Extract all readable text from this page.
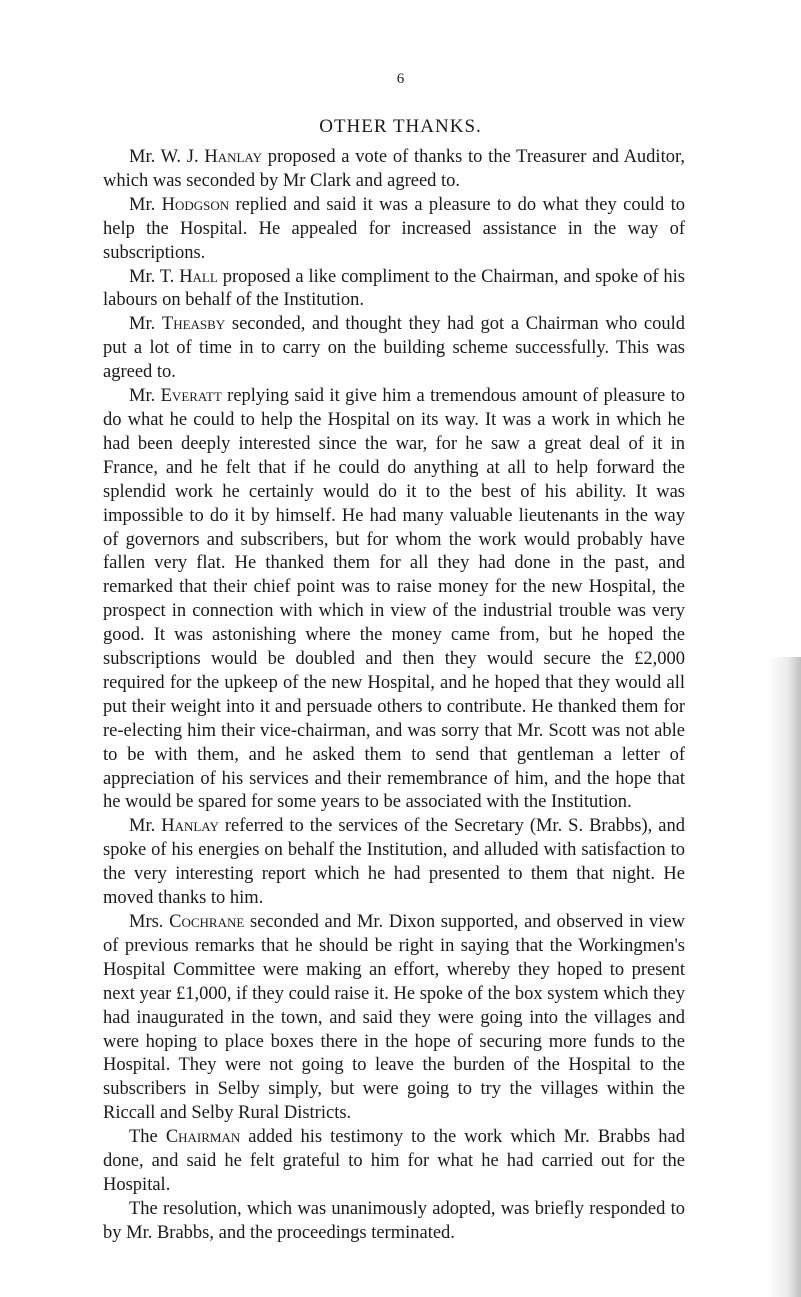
6
OTHER THANKS.

Mr. W. J. Hanlay proposed a vote of thanks to the Treasurer and Auditor, which was seconded by Mr Clark and agreed to.

Mr. Hodgson replied and said it was a pleasure to do what they could to help the Hospital. He appealed for increased assistance in the way of subscriptions.

Mr. T. Hall proposed a like compliment to the Chairman, and spoke of his labours on behalf of the Institution.

Mr. Theasby seconded, and thought they had got a Chairman who could put a lot of time in to carry on the building scheme successfully. This was agreed to.

Mr. Everatt replying said it give him a tremendous amount of pleasure to do what he could to help the Hospital on its way. It was a work in which he had been deeply interested since the war, for he saw a great deal of it in France, and he felt that if he could do anything at all to help forward the splendid work he certainly would do it to the best of his ability. It was impossible to do it by himself. He had many valuable lieutenants in the way of governors and subscribers, but for whom the work would probably have fallen very flat. He thanked them for all they had done in the past, and remarked that their chief point was to raise money for the new Hospital, the prospect in connection with which in view of the industrial trouble was very good. It was astonishing where the money came from, but he hoped the subscriptions would be doubled and then they would secure the £2,000 required for the upkeep of the new Hospital, and he hoped that they would all put their weight into it and persuade others to contribute. He thanked them for re-electing him their vice-chairman, and was sorry that Mr. Scott was not able to be with them, and he asked them to send that gentleman a letter of appreciation of his services and their remembrance of him, and the hope that he would be spared for some years to be associated with the Institution.

Mr. Hanlay referred to the services of the Secretary (Mr. S. Brabbs), and spoke of his energies on behalf the Institution, and alluded with satisfaction to the very interesting report which he had presented to them that night. He moved thanks to him.

Mrs. Cochrane seconded and Mr. Dixon supported, and observed in view of previous remarks that he should be right in saying that the Workingmen's Hospital Committee were making an effort, whereby they hoped to present next year £1,000, if they could raise it. He spoke of the box system which they had inaugurated in the town, and said they were going into the villages and were hoping to place boxes there in the hope of securing more funds to the Hospital. They were not going to leave the burden of the Hospital to the subscribers in Selby simply, but were going to try the villages within the Riccall and Selby Rural Districts.

The Chairman added his testimony to the work which Mr. Brabbs had done, and said he felt grateful to him for what he had carried out for the Hospital.

The resolution, which was unanimously adopted, was briefly responded to by Mr. Brabbs, and the proceedings terminated.
